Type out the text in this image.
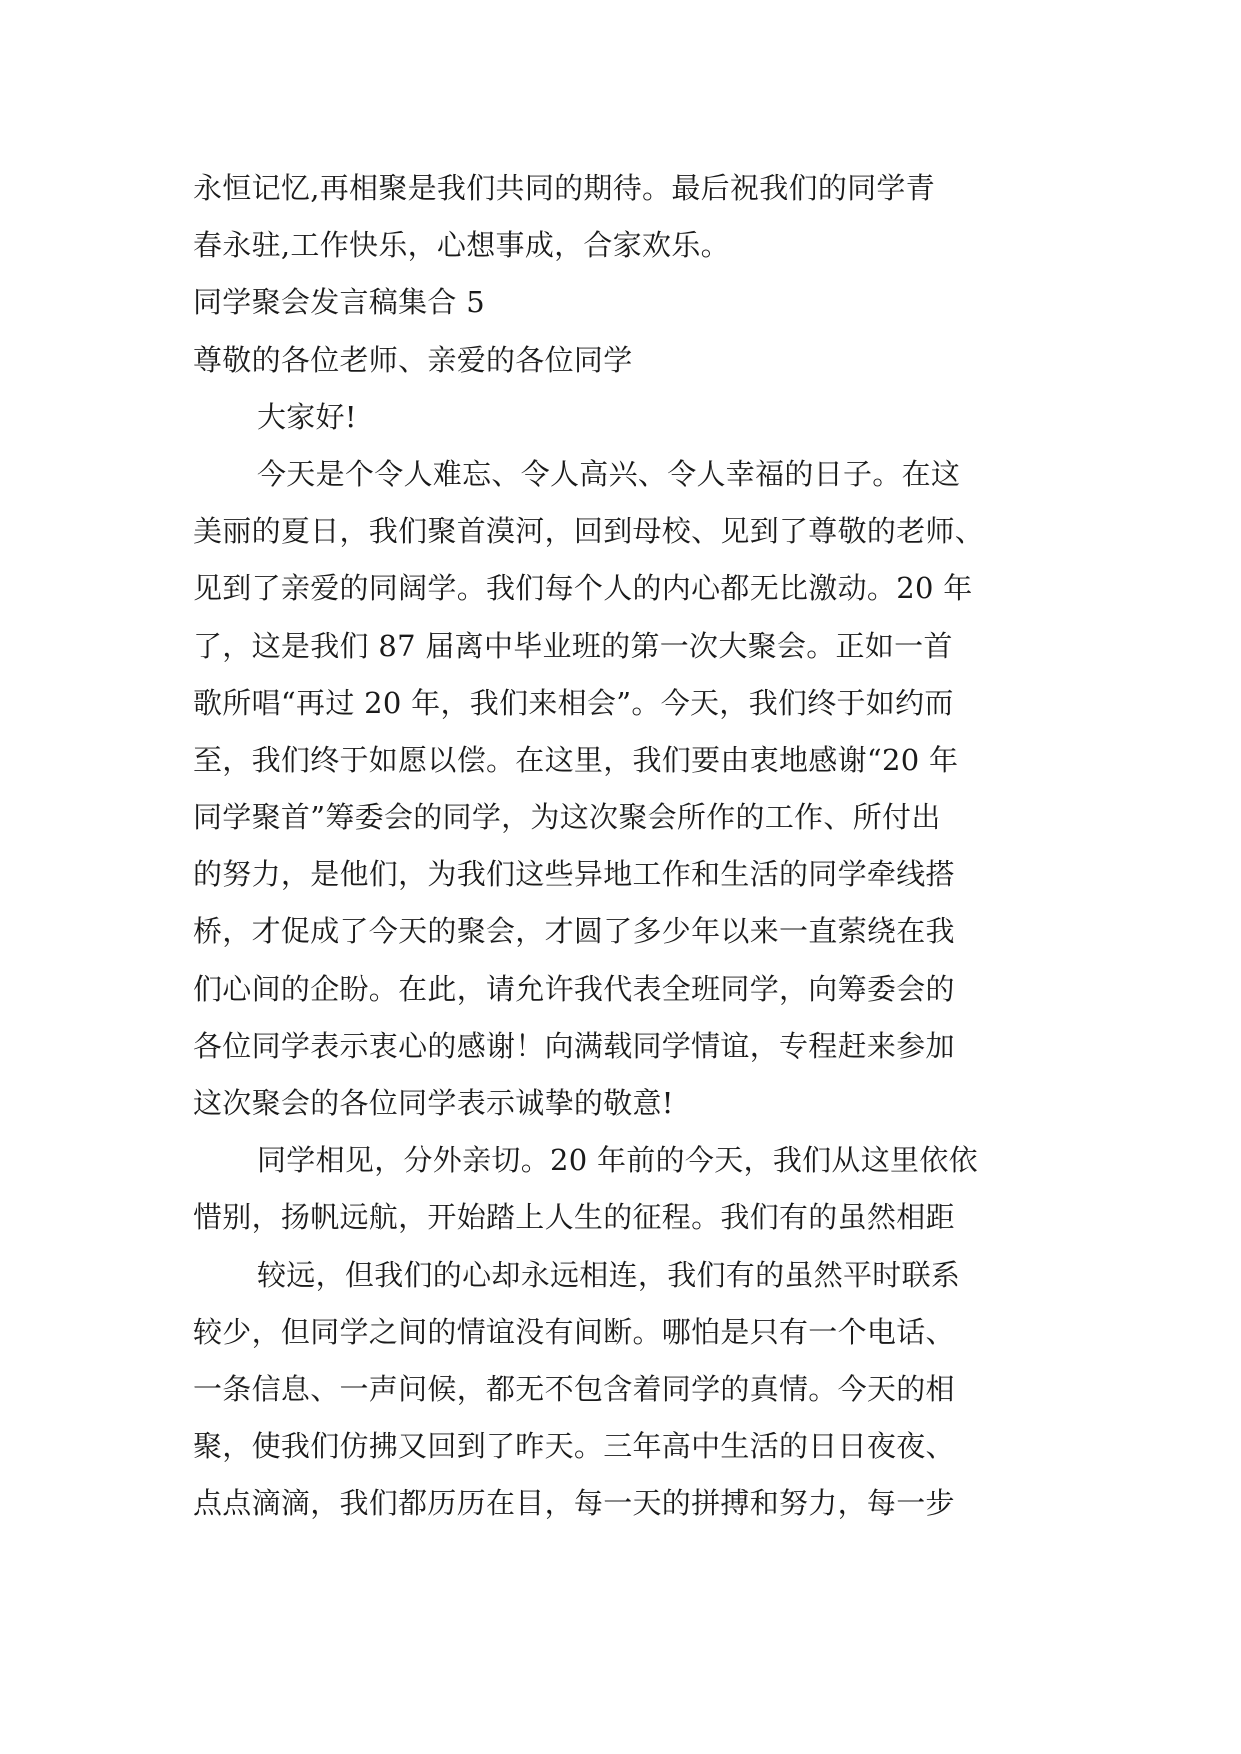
永恒记忆,再相聚是我们共同的期待。最后祝我们的同学青
春永驻,工作快乐，心想事成，合家欢乐。
同学聚会发言稿集合 5
尊敬的各位老师、亲爱的各位同学
大家好!
今天是个令人难忘、令人高兴、令人幸福的日子。在这
美丽的夏日，我们聚首漠河，回到母校、见到了尊敬的老师、
见到了亲爱的同阔学。我们每个人的内心都无比激动。20 年
了，这是我们 87 届离中毕业班的第一次大聚会。正如一首
歌所唱“再过 20 年，我们来相会”。今天，我们终于如约而
至，我们终于如愿以偿。在这里，我们要由衷地感谢“20 年
同学聚首”筹委会的同学，为这次聚会所作的工作、所付出
的努力，是他们，为我们这些异地工作和生活的同学牵线搭
桥，才促成了今天的聚会，才圆了多少年以来一直萦绕在我
们心间的企盼。在此，请允许我代表全班同学，向筹委会的
各位同学表示衷心的感谢！向满载同学情谊，专程赶来参加
这次聚会的各位同学表示诚挚的敬意!
同学相见，分外亲切。20 年前的今天，我们从这里依依
惜别，扬帆远航，开始踏上人生的征程。我们有的虽然相距
较远，但我们的心却永远相连，我们有的虽然平时联系
较少，但同学之间的情谊没有间断。哪怕是只有一个电话、
一条信息、一声问候，都无不包含着同学的真情。今天的相
聚，使我们仿拂又回到了昨天。三年高中生活的日日夜夜、
点点滴滴，我们都历历在目，每一天的拼搏和努力，每一步
